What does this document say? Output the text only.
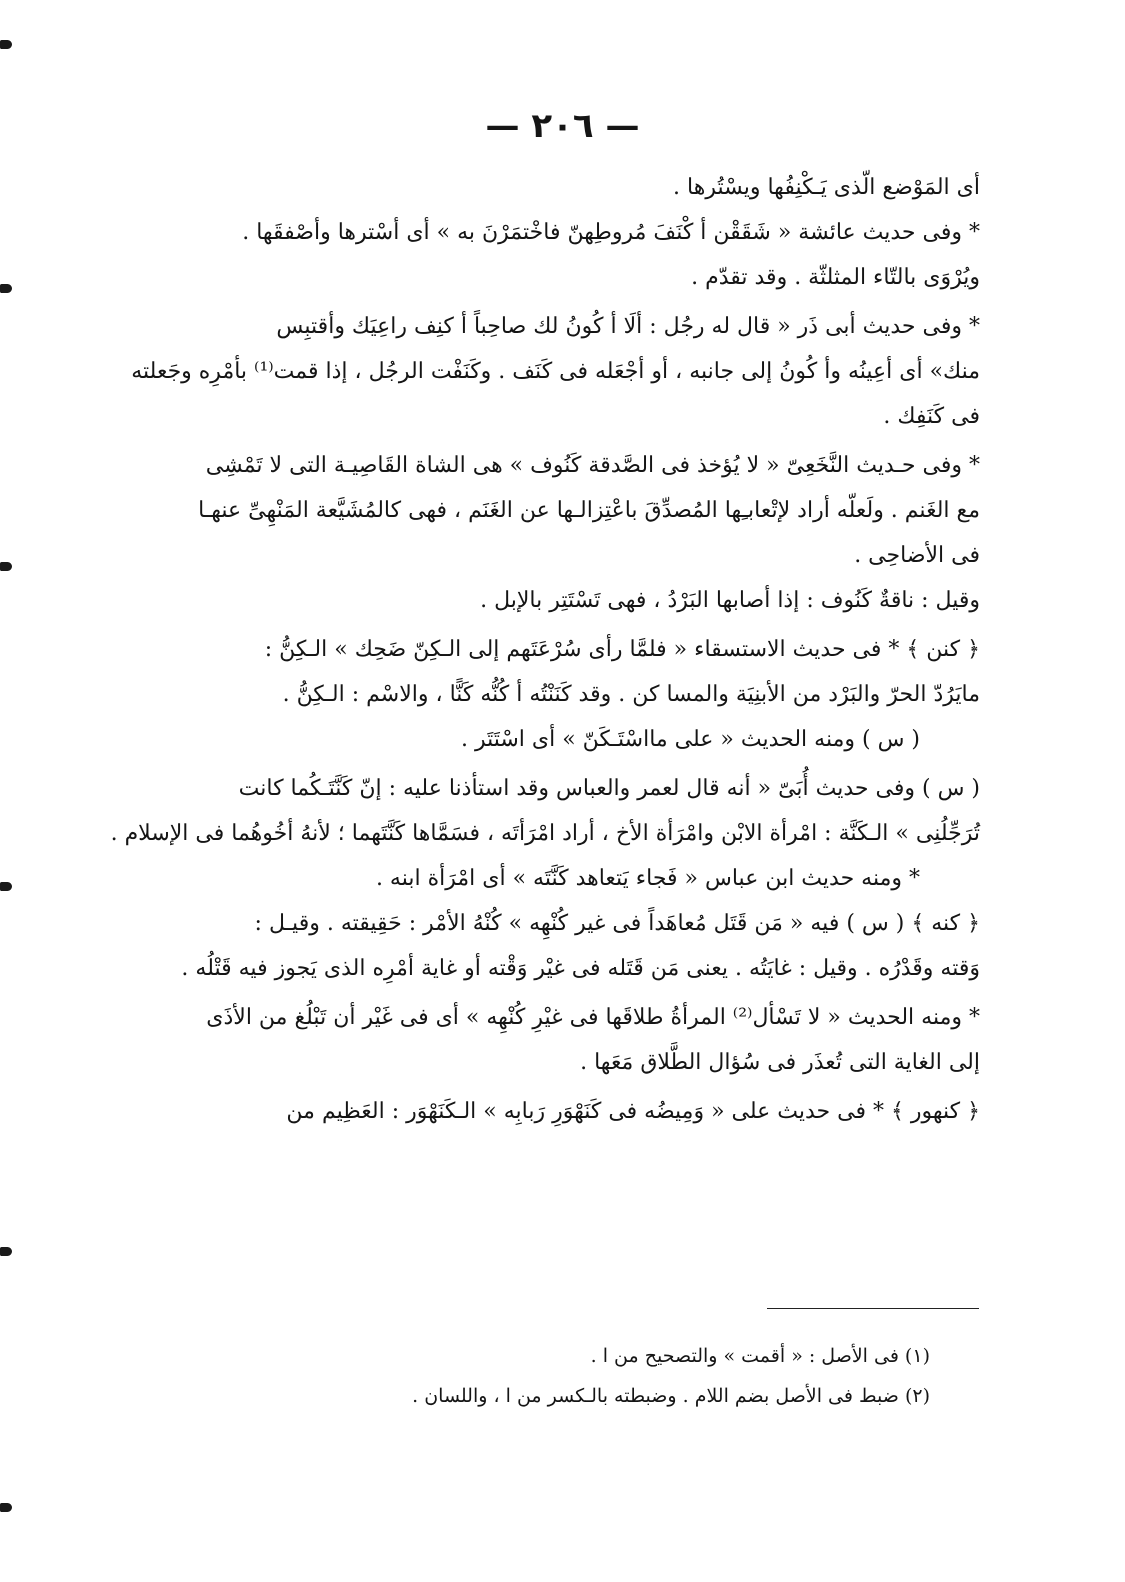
— ٢٠٦ —
أى المَوْضع الّذى يَـكْنِفُها ويسْتُرها .
* وفى حديث عائشة « شَقَقْن أ كْنَفَ مُروطِهنّ فاخْتمَرْنَ به » أى أسْترها وأصْفقَها .
ويُرْوَى بالتّاء المثلثّة . وقد تقدّم .
* وفى حديث أبى ذَر « قال له رجُل : ألَا أ كُونُ لك صاحِباً أ كنِف راعِيَك وأقتبِس
منك» أى أعِينُه وأ كُونُ إلى جانبه ، أو أجْعَله فى كَنَف . وكَنَفْت الرجُل ، إذا قمت⁽¹⁾ بأمْرِه وجَعلته
فى كَنَفِك .
* وفى حـديث النَّخَعِىّ « لا يُؤخذ فى الصَّدقة كَنُوف » هى الشاة القَاصِيـة التى لا تَمْشِى
مع الغَنم . ولَعلّه أراد لإتْعابـِها المُصدِّقَ باعْتِزالـها عن الغَنَم ، فهى كالمُشَيَّعة المَنْهِىِّ عنهـا
فى الأضاحِى .
وقيل : ناقةٌ كَنُوف : إذا أصابها البَرْدُ ، فهى تَسْتَتِر بالإبل .
﴿ كنن ﴾ * فى حديث الاستسقاء « فلمَّا رأى سُرْعَتَهم إلى الـكِنّ ضَحِك » الـكِنُّ :
مايَرُدّ الحرّ والبَرْد من الأبنِيَة والمسا كن . وقد كَنَنْتُه أ كُنُّه كَنًّا ، والاسْم : الـكِنُّ .
( س ) ومنه الحديث « على مااسْتَـكَنّ » أى اسْتَتَر .
( س ) وفى حديث أُبَىّ « أنه قال لعمر والعباس وقد استأذنا عليه : إنّ كَنَّتَـكُما كانت
تُرَجِّلُنِى » الـكَنَّة : امْرأة الابْن وامْرَأة الأخ ، أراد امْرَأتَه ، فسَمَّاها كَنَّتَهما ؛ لأنهُ أخُوهُما فى الإسلام .
* ومنه حديث ابن عباس « فَجاء يَتعاهد كَنَّتَه » أى امْرَأة ابنه .
﴿ كنه ﴾ ( س ) فيه « مَن قَتَل مُعاهَداً فى غير كُنْهِه » كُنْهُ الأمْر : حَقِيقته . وقيـل :
وَقته وقَدْرُه . وقيل : غايَتُه . يعنى مَن قَتَله فى غيْر وَقْته أو غاية أمْرِه الذى يَجوز فيه قَتْلُه .
* ومنه الحديث « لا تَسْأل⁽²⁾ المرأةُ طلاقَها فى غيْرِ كُنْهِه » أى فى غَيْر أن تَبْلُغ من الأذَى
إلى الغاية التى تُعذَر فى سُؤال الطَّلاق مَعَها .
﴿ كنهور ﴾ * فى حديث على « وَمِيضُه فى كَنَهْوَرِ رَبابِه » الـكَنَهْوَر : العَظِيم من
(١) فى الأصل : « أقمت » والتصحيح من ا .
(٢) ضبط فى الأصل بضم اللام . وضبطته بالـكسر من ا ، واللسان .
